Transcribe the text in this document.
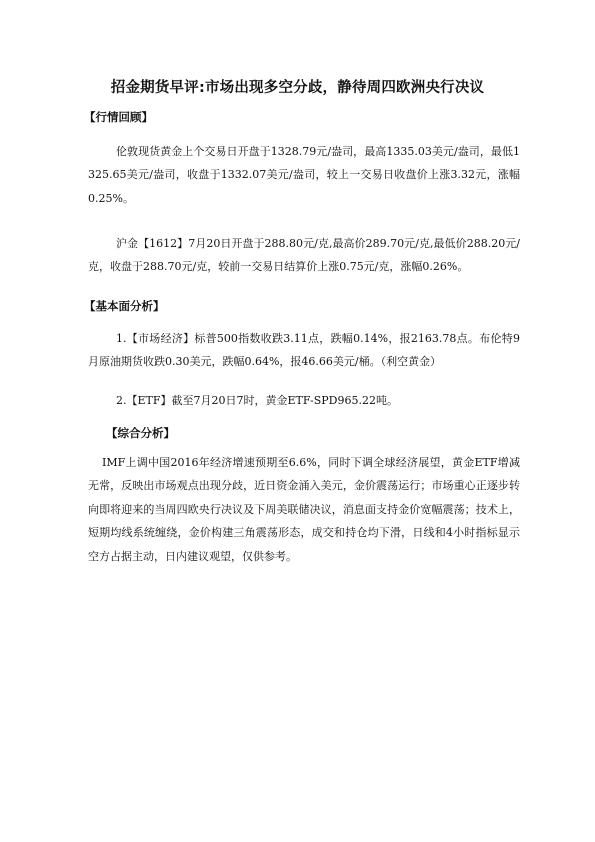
招金期货早评:市场出现多空分歧，静待周四欧洲央行决议
【行情回顾】
伦敦现货黄金上个交易日开盘于1328.79元/盎司，最高1335.03美元/盎司，最低1325.65美元/盎司，收盘于1332.07美元/盎司，较上一交易日收盘价上涨3.32元，涨幅0.25%。
沪金【1612】7月20日开盘于288.80元/克,最高价289.70元/克,最低价288.20元/克，收盘于288.70元/克，较前一交易日结算价上涨0.75元/克，涨幅0.26%。
【基本面分析】
1.【市场经济】标普500指数收跌3.11点，跌幅0.14%，报2163.78点。布伦特9月原油期货收跌0.30美元，跌幅0.64%，报46.66美元/桶。（利空黄金）
2.【ETF】截至7月20日7时，黄金ETF-SPD965.22吨。
【综合分析】
IMF上调中国2016年经济增速预期至6.6%，同时下调全球经济展望，黄金ETF增减无常，反映出市场观点出现分歧，近日资金涌入美元，金价震荡运行；市场重心正逐步转向即将迎来的当周四欧央行决议及下周美联储决议，消息面支持金价宽幅震荡；技术上，短期均线系统缠绕，金价构建三角震荡形态，成交和持仓均下滑，日线和4小时指标显示空方占据主动，日内建议观望，仅供参考。
